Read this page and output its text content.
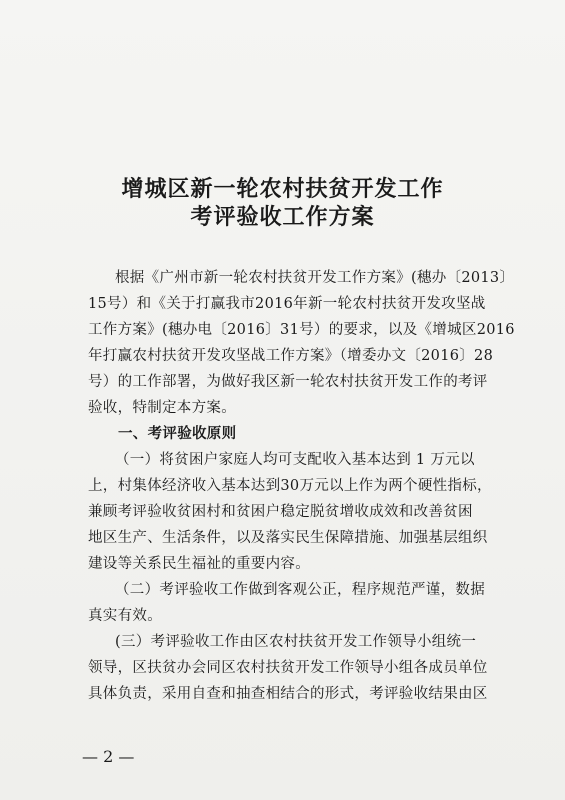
增城区新一轮农村扶贫开发工作
考评验收工作方案
根据《广州市新一轮农村扶贫开发工作方案》(穗办〔2013〕
15号）和《关于打赢我市2016年新一轮农村扶贫开发攻坚战
工作方案》(穗办电〔2016〕31号）的要求，以及《增城区2016
年打赢农村扶贫开发攻坚战工作方案》（增委办文〔2016〕28
号）的工作部署，为做好我区新一轮农村扶贫开发工作的考评
验收，特制定本方案。
一、考评验收原则
（一）将贫困户家庭人均可支配收入基本达到 1 万元以
上，村集体经济收入基本达到30万元以上作为两个硬性指标，
兼顾考评验收贫困村和贫困户稳定脱贫增收成效和改善贫困
地区生产、生活条件，以及落实民生保障措施、加强基层组织
建设等关系民生福祉的重要内容。
（二）考评验收工作做到客观公正，程序规范严谨，数据
真实有效。
(三）考评验收工作由区农村扶贫开发工作领导小组统一
领导，区扶贫办会同区农村扶贫开发工作领导小组各成员单位
具体负责，采用自查和抽查相结合的形式，考评验收结果由区
— 2 —
